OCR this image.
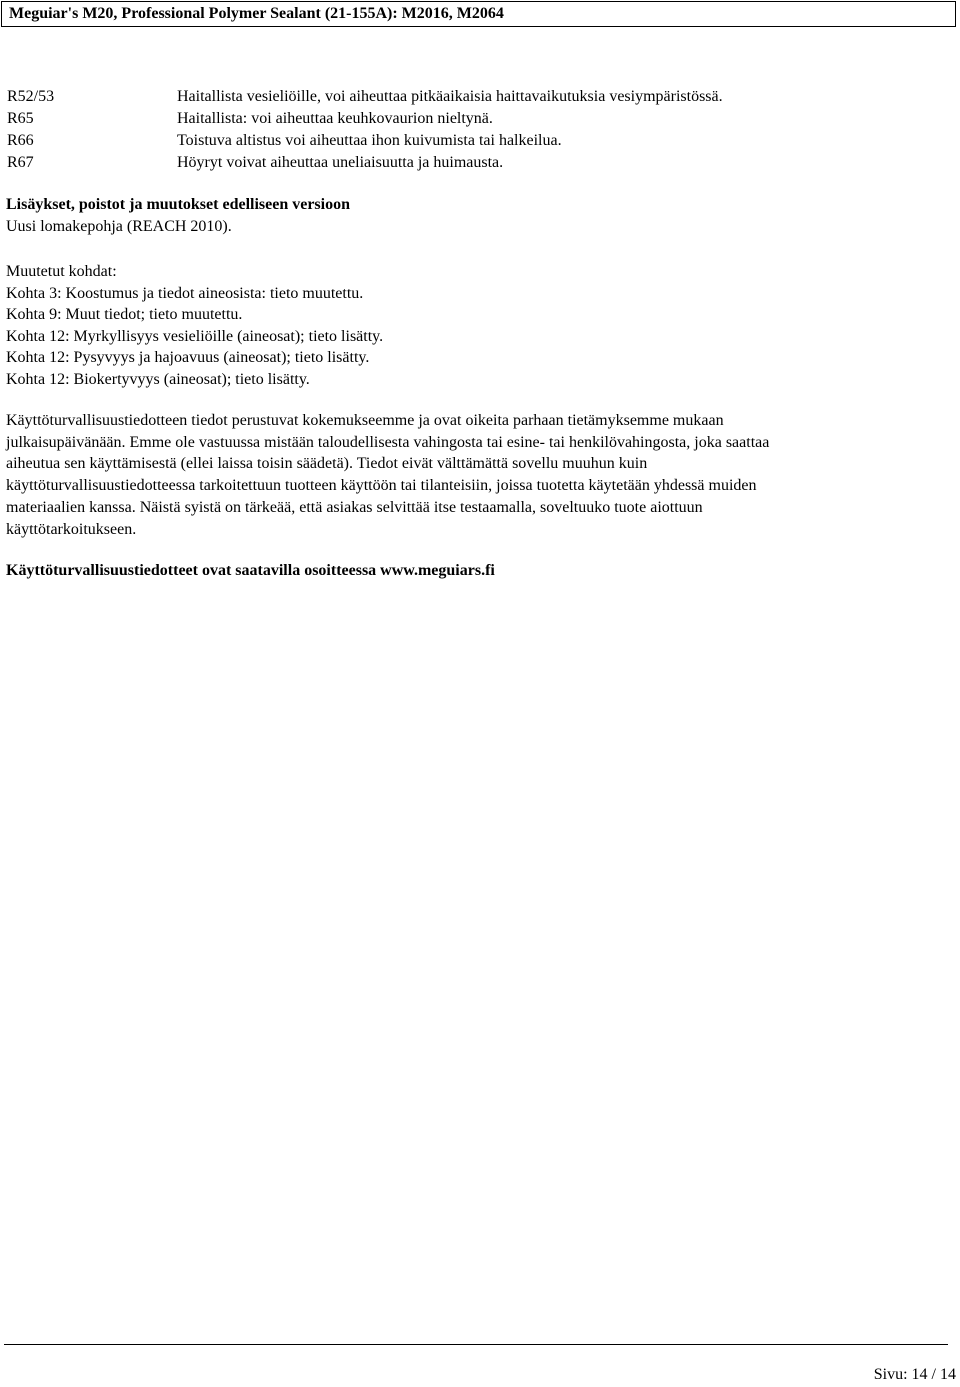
Meguiar's M20, Professional Polymer Sealant (21-155A): M2016, M2064
R52/53	Haitallista vesieliöille, voi aiheuttaa pitkäaikaisia haittavaikutuksia vesiympäristössä.
R65	Haitallista: voi aiheuttaa keuhkovaurion nieltynä.
R66	Toistuva altistus voi aiheuttaa ihon kuivumista tai halkeilua.
R67	Höyryt voivat aiheuttaa uneliaisuutta ja huimausta.
Lisäykset, poistot ja muutokset edelliseen versioon
Uusi lomakepohja (REACH 2010).
Muutetut kohdat:
Kohta 3: Koostumus ja tiedot aineosista: tieto muutettu.
Kohta 9: Muut tiedot; tieto muutettu.
Kohta 12: Myrkyllisyys vesieliöille (aineosat); tieto lisätty.
Kohta 12: Pysyvyys ja hajoavuus (aineosat); tieto lisätty.
Kohta 12: Biokertyvyys (aineosat); tieto lisätty.
Käyttöturvallisuustiedotteen tiedot perustuvat kokemukseemme ja ovat oikeita parhaan tietämyksemme mukaan
julkaisupäivänään. Emme ole vastuussa mistään taloudellisesta vahingosta tai esine- tai henkilövahingosta, joka saattaa
aiheutua sen käyttämisestä (ellei laissa toisin säädetä). Tiedot eivät välttämättä sovellu muuhun kuin
käyttöturvallisuustiedotteessa tarkoitettuun tuotteen käyttöön tai tilanteisiin, joissa tuotetta käytetään yhdessä muiden
materiaalien kanssa. Näistä syistä on tärkeää, että asiakas selvittää itse testaamalla, soveltuuko tuote aiottuun
käyttötarkoitukseen.
Käyttöturvallisuustiedotteet ovat saatavilla osoitteessa www.meguiars.fi
Sivu: 14 / 14
